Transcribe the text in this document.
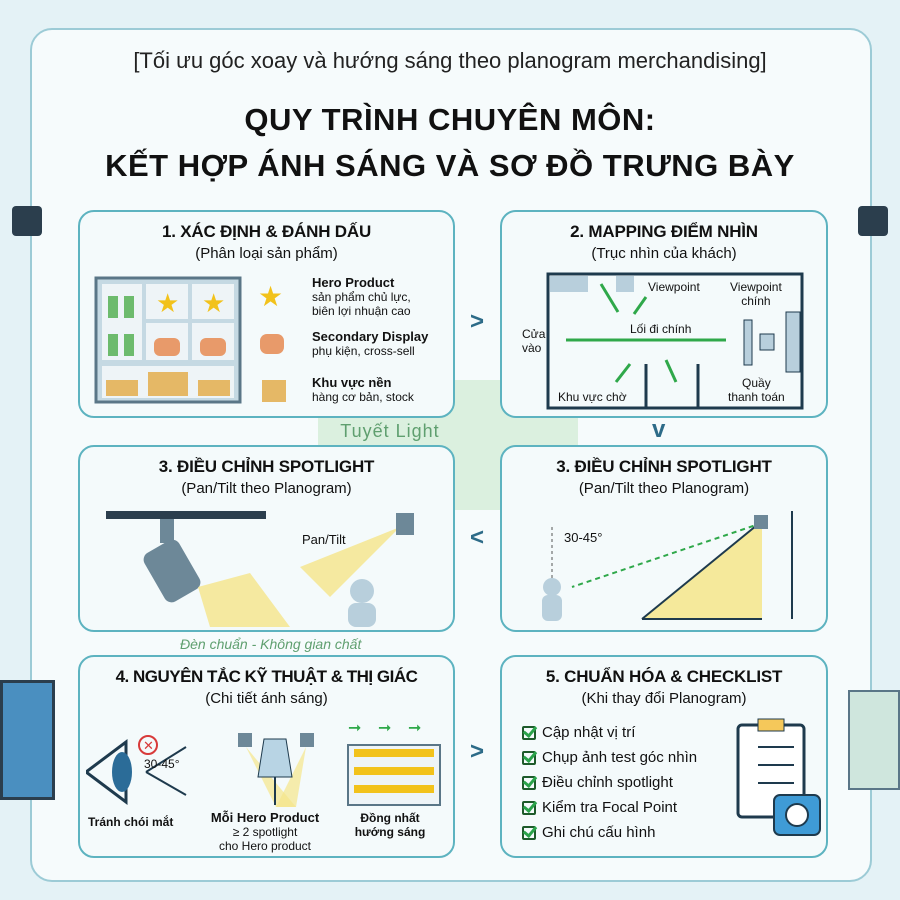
[Tối ưu góc xoay và hướng sáng theo planogram merchandising]
QUY TRÌNH CHUYÊN MÔN:
KẾT HỢP ÁNH SÁNG VÀ SƠ ĐỒ TRƯNG BÀY
1. XÁC ĐỊNH & ĐÁNH DẤU
(Phân loại sản phẩm)
★ ★ ★ Hero Product
sản phẩm chủ lực,
biên lợi nhuận cao
Secondary Display
phụ kiện, cross-sell
Khu vực nền
hàng cơ bản, stock
2. MAPPING ĐIỂM NHÌN
(Trục nhìn của khách)
Viewpoint	Viewpoint
chính
Lối đi chính
Cửa
vào
Khu vực chờ
Quầy
thanh toán
3. ĐIỀU CHỈNH SPOTLIGHT
(Pan/Tilt theo Planogram)
Pan/Tilt
3. ĐIỀU CHỈNH SPOTLIGHT
(Pan/Tilt theo Planogram)
30-45°
4. NGUYÊN TẮC KỸ THUẬT & THỊ GIÁC
(Chi tiết ánh sáng)
✕
➞ ➞ ➞
30-45°
Tránh chói mắt	Mỗi Hero Product
≥ 2 spotlight
cho Hero product
Đồng nhất
hướng sáng
5. CHUẨN HÓA & CHECKLIST
(Khi thay đổi Planogram)
Cập nhật vị trí
Chụp ảnh test góc nhìn
Điều chỉnh spotlight
Kiểm tra Focal Point
Ghi chú cấu hình
>
v
<
>
Tuyết Light
Đèn chuẩn - Không gian chất
